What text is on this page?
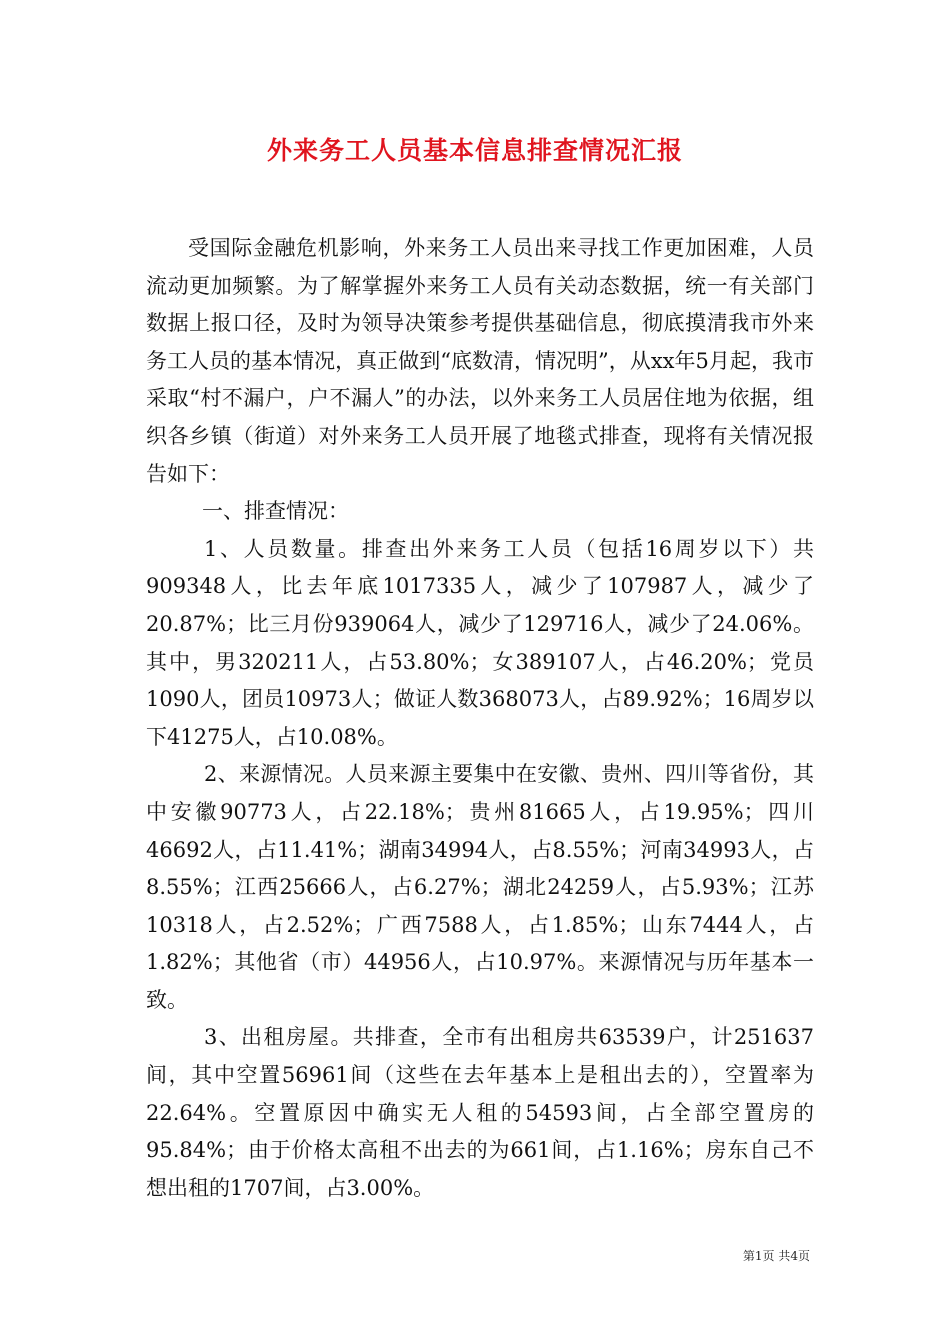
外来务工人员基本信息排查情况汇报

受国际金融危机影响，外来务工人员出来寻找工作更加困难，人员流动更加频繁。为了解掌握外来务工人员有关动态数据，统一有关部门数据上报口径，及时为领导决策参考提供基础信息，彻底摸清我市外来务工人员的基本情况，真正做到“底数清，情况明”，从xx年5月起，我市采取“村不漏户，户不漏人”的办法，以外来务工人员居住地为依据，组织各乡镇（街道）对外来务工人员开展了地毯式排查，现将有关情况报告如下：

一、排查情况：

1、人员数量。排查出外来务工人员（包括16周岁以下）共909348人，比去年底1017335人，减少了107987人，减少了20.87%；比三月份939064人，减少了129716人，减少了24.06%。其中，男320211人，占53.80%；女389107人，占46.20%；党员1090人，团员10973人；做证人数368073人，占89.92%；16周岁以下41275人，占10.08%。

2、来源情况。人员来源主要集中在安徽、贵州、四川等省份，其中安徽90773人，占22.18%；贵州81665人，占19.95%；四川46692人，占11.41%；湖南34994人，占8.55%；河南34993人，占8.55%；江西25666人，占6.27%；湖北24259人，占5.93%；江苏10318人，占2.52%；广西7588人，占1.85%；山东7444人，占1.82%；其他省（市）44956人，占10.97%。来源情况与历年基本一致。

3、出租房屋。共排查，全市有出租房共63539户，计251637间，其中空置56961间（这些在去年基本上是租出去的），空置率为22.64%。空置原因中确实无人租的54593间，占全部空置房的95.84%；由于价格太高租不出去的为661间，占1.16%；房东自己不想出租的1707间，占3.00%。

第1页 共4页
